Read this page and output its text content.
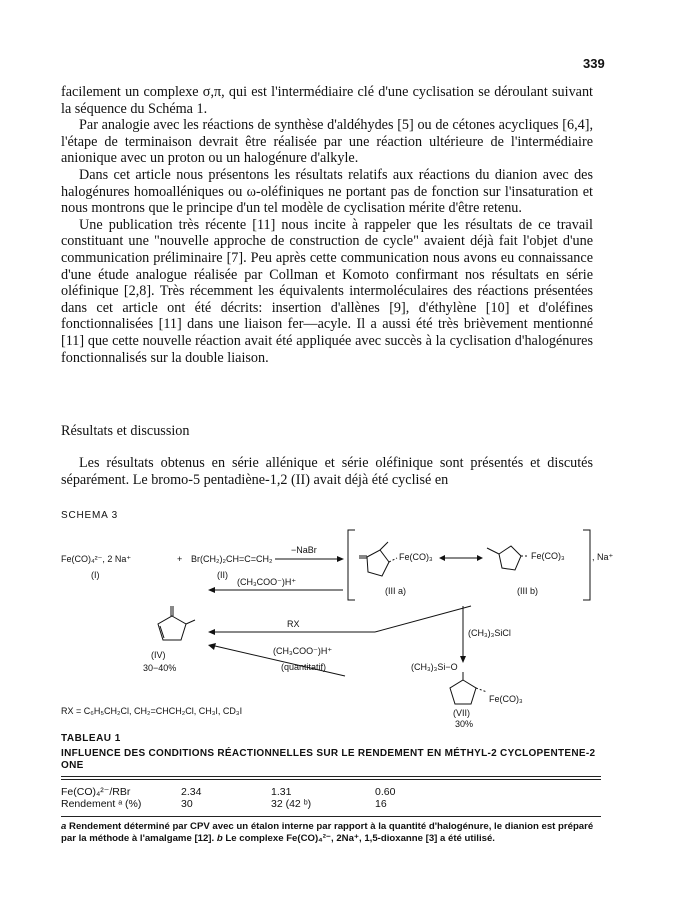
339

facilement un complexe σ,π, qui est l'intermédiaire clé d'une cyclisation se déroulant suivant la séquence du Schéma 1.

Par analogie avec les réactions de synthèse d'aldéhydes [5] ou de cétones acycliques [6,4], l'étape de terminaison devrait être réalisée par une réaction ultérieure de l'intermédiaire anionique avec un proton ou un halogénure d'alkyle.

Dans cet article nous présentons les résultats relatifs aux réactions du dianion avec des halogénures homoalléniques ou ω-oléfiniques ne portant pas de fonction sur l'insaturation et nous montrons que le principe d'un tel modèle de cyclisation mérite d'être retenu.

Une publication très récente [11] nous incite à rappeler que les résultats de ce travail constituant une "nouvelle approche de construction de cycle" avaient déjà fait l'objet d'une communication préliminaire [7]. Peu après cette communication nous avons eu connaissance d'une étude analogue réalisée par Collman et Komoto confirmant nos résultats en série oléfinique [2,8]. Très récemment les équivalents intermoléculaires des réactions présentées dans cet article ont été décrits: insertion d'allènes [9], d'éthylène [10] et d'oléfines fonctionnalisées [11] dans une liaison fer—acyle. Il a aussi été très brièvement mentionné [11] que cette nouvelle réaction avait été appliquée avec succès à la cyclisation d'halogénures fonctionnalisés sur la double liaison.

Résultats et discussion

Les résultats obtenus en série allénique et série oléfinique sont présentés et discutés séparément. Le bromo-5 pentadiène-1,2 (II) avait déjà été cyclisé en

SCHEMA 3
Fe(CO)₄²⁻, 2 Na⁺	+ Br(CH₂)₂CH=C=CH₂
(I)	(II)
−NaBr
(CH₃COO⁻)H⁺
Fe(CO)₃
(III a)
Fe(CO)₃	, Na⁺
(III b)
(IV)
30−40%
RX
(CH₃COO⁻)H⁺
(quantitatif)
(CH₃)₃SiCl
(CH₃)₃Si−O
Fe(CO)₃
(VII)
30%
RX = C₆H₅CH₂Cl, CH₂=CHCH₂Cl, CH₃I, CD₃I
TABLEAU 1
INFLUENCE DES CONDITIONS RÉACTIONNELLES SUR LE RENDEMENT EN MÉTHYL-2 CYCLOPENTENE-2 ONE
Fe(CO)₄²⁻/RBr	2.34	1.31	0.60
Rendement ᵃ (%)	30	32 (42 ᵇ)	16

a Rendement déterminé par CPV avec un étalon interne par rapport à la quantité d'halogénure, le dianion est préparé par la méthode à l'amalgame [12]. b Le complexe Fe(CO)₄²⁻, 2Na⁺, 1,5-dioxanne [3] a été utilisé.
